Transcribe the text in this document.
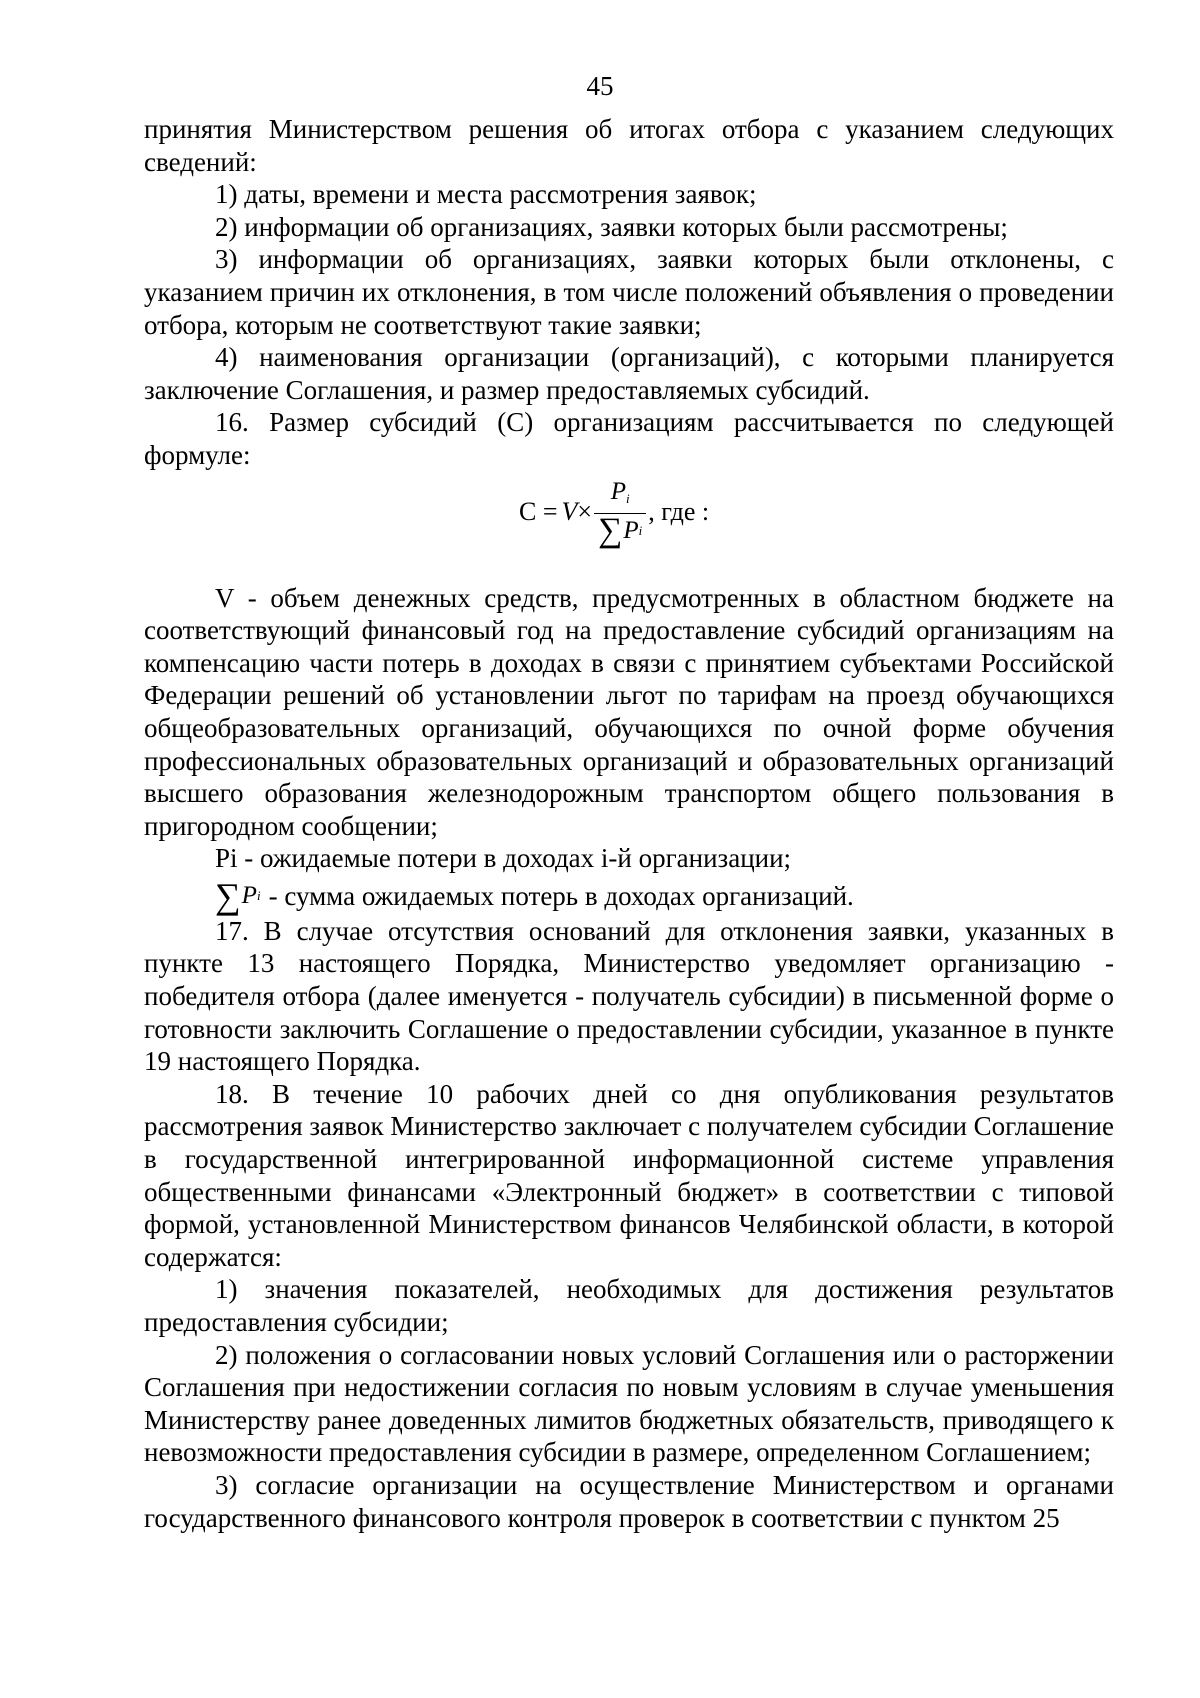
45

принятия Министерством решения об итогах отбора с указанием следующих сведений:

1) даты, времени и места рассмотрения заявок;

2) информации об организациях, заявки которых были рассмотрены;

3) информации об организациях, заявки которых были отклонены, с указанием причин их отклонения, в том числе положений объявления о проведении отбора, которым не соответствуют такие заявки;

4) наименования организации (организаций), с которыми планируется заключение Соглашения, и размер предоставляемых субсидий.

16. Размер субсидий (С) организациям рассчитывается по следующей формуле:

$C = V \times \frac{P_i}{\text{∑ P i}}$ , где :

V - объем денежных средств, предусмотренных в областном бюджете на соответствующий финансовый год на предоставление субсидий организациям на компенсацию части потерь в доходах в связи с принятием субъектами Российской Федерации решений об установлении льгот по тарифам на проезд обучающихся общеобразовательных организаций, обучающихся по очной форме обучения профессиональных образовательных организаций и образовательных организаций высшего образования железнодорожным транспортом общего пользования в пригородном сообщении;

Pi - ожидаемые потери в доходах i-й организации;

∑ P i - сумма ожидаемых потерь в доходах организаций.

17. В случае отсутствия оснований для отклонения заявки, указанных в пункте 13 настоящего Порядка, Министерство уведомляет организацию - победителя отбора (далее именуется - получатель субсидии) в письменной форме о готовности заключить Соглашение о предоставлении субсидии, указанное в пункте 19 настоящего Порядка.

18. В течение 10 рабочих дней со дня опубликования результатов рассмотрения заявок Министерство заключает с получателем субсидии Соглашение в государственной интегрированной информационной системе управления общественными финансами «Электронный бюджет» в соответствии с типовой формой, установленной Министерством финансов Челябинской области, в которой содержатся:

1) значения показателей, необходимых для достижения результатов предоставления субсидии;

2) положения о согласовании новых условий Соглашения или о расторжении Соглашения при недостижении согласия по новым условиям в случае уменьшения Министерству ранее доведенных лимитов бюджетных обязательств, приводящего к невозможности предоставления субсидии в размере, определенном Соглашением;

3) согласие организации на осуществление Министерством и органами государственного финансового контроля проверок в соответствии с пунктом 25
